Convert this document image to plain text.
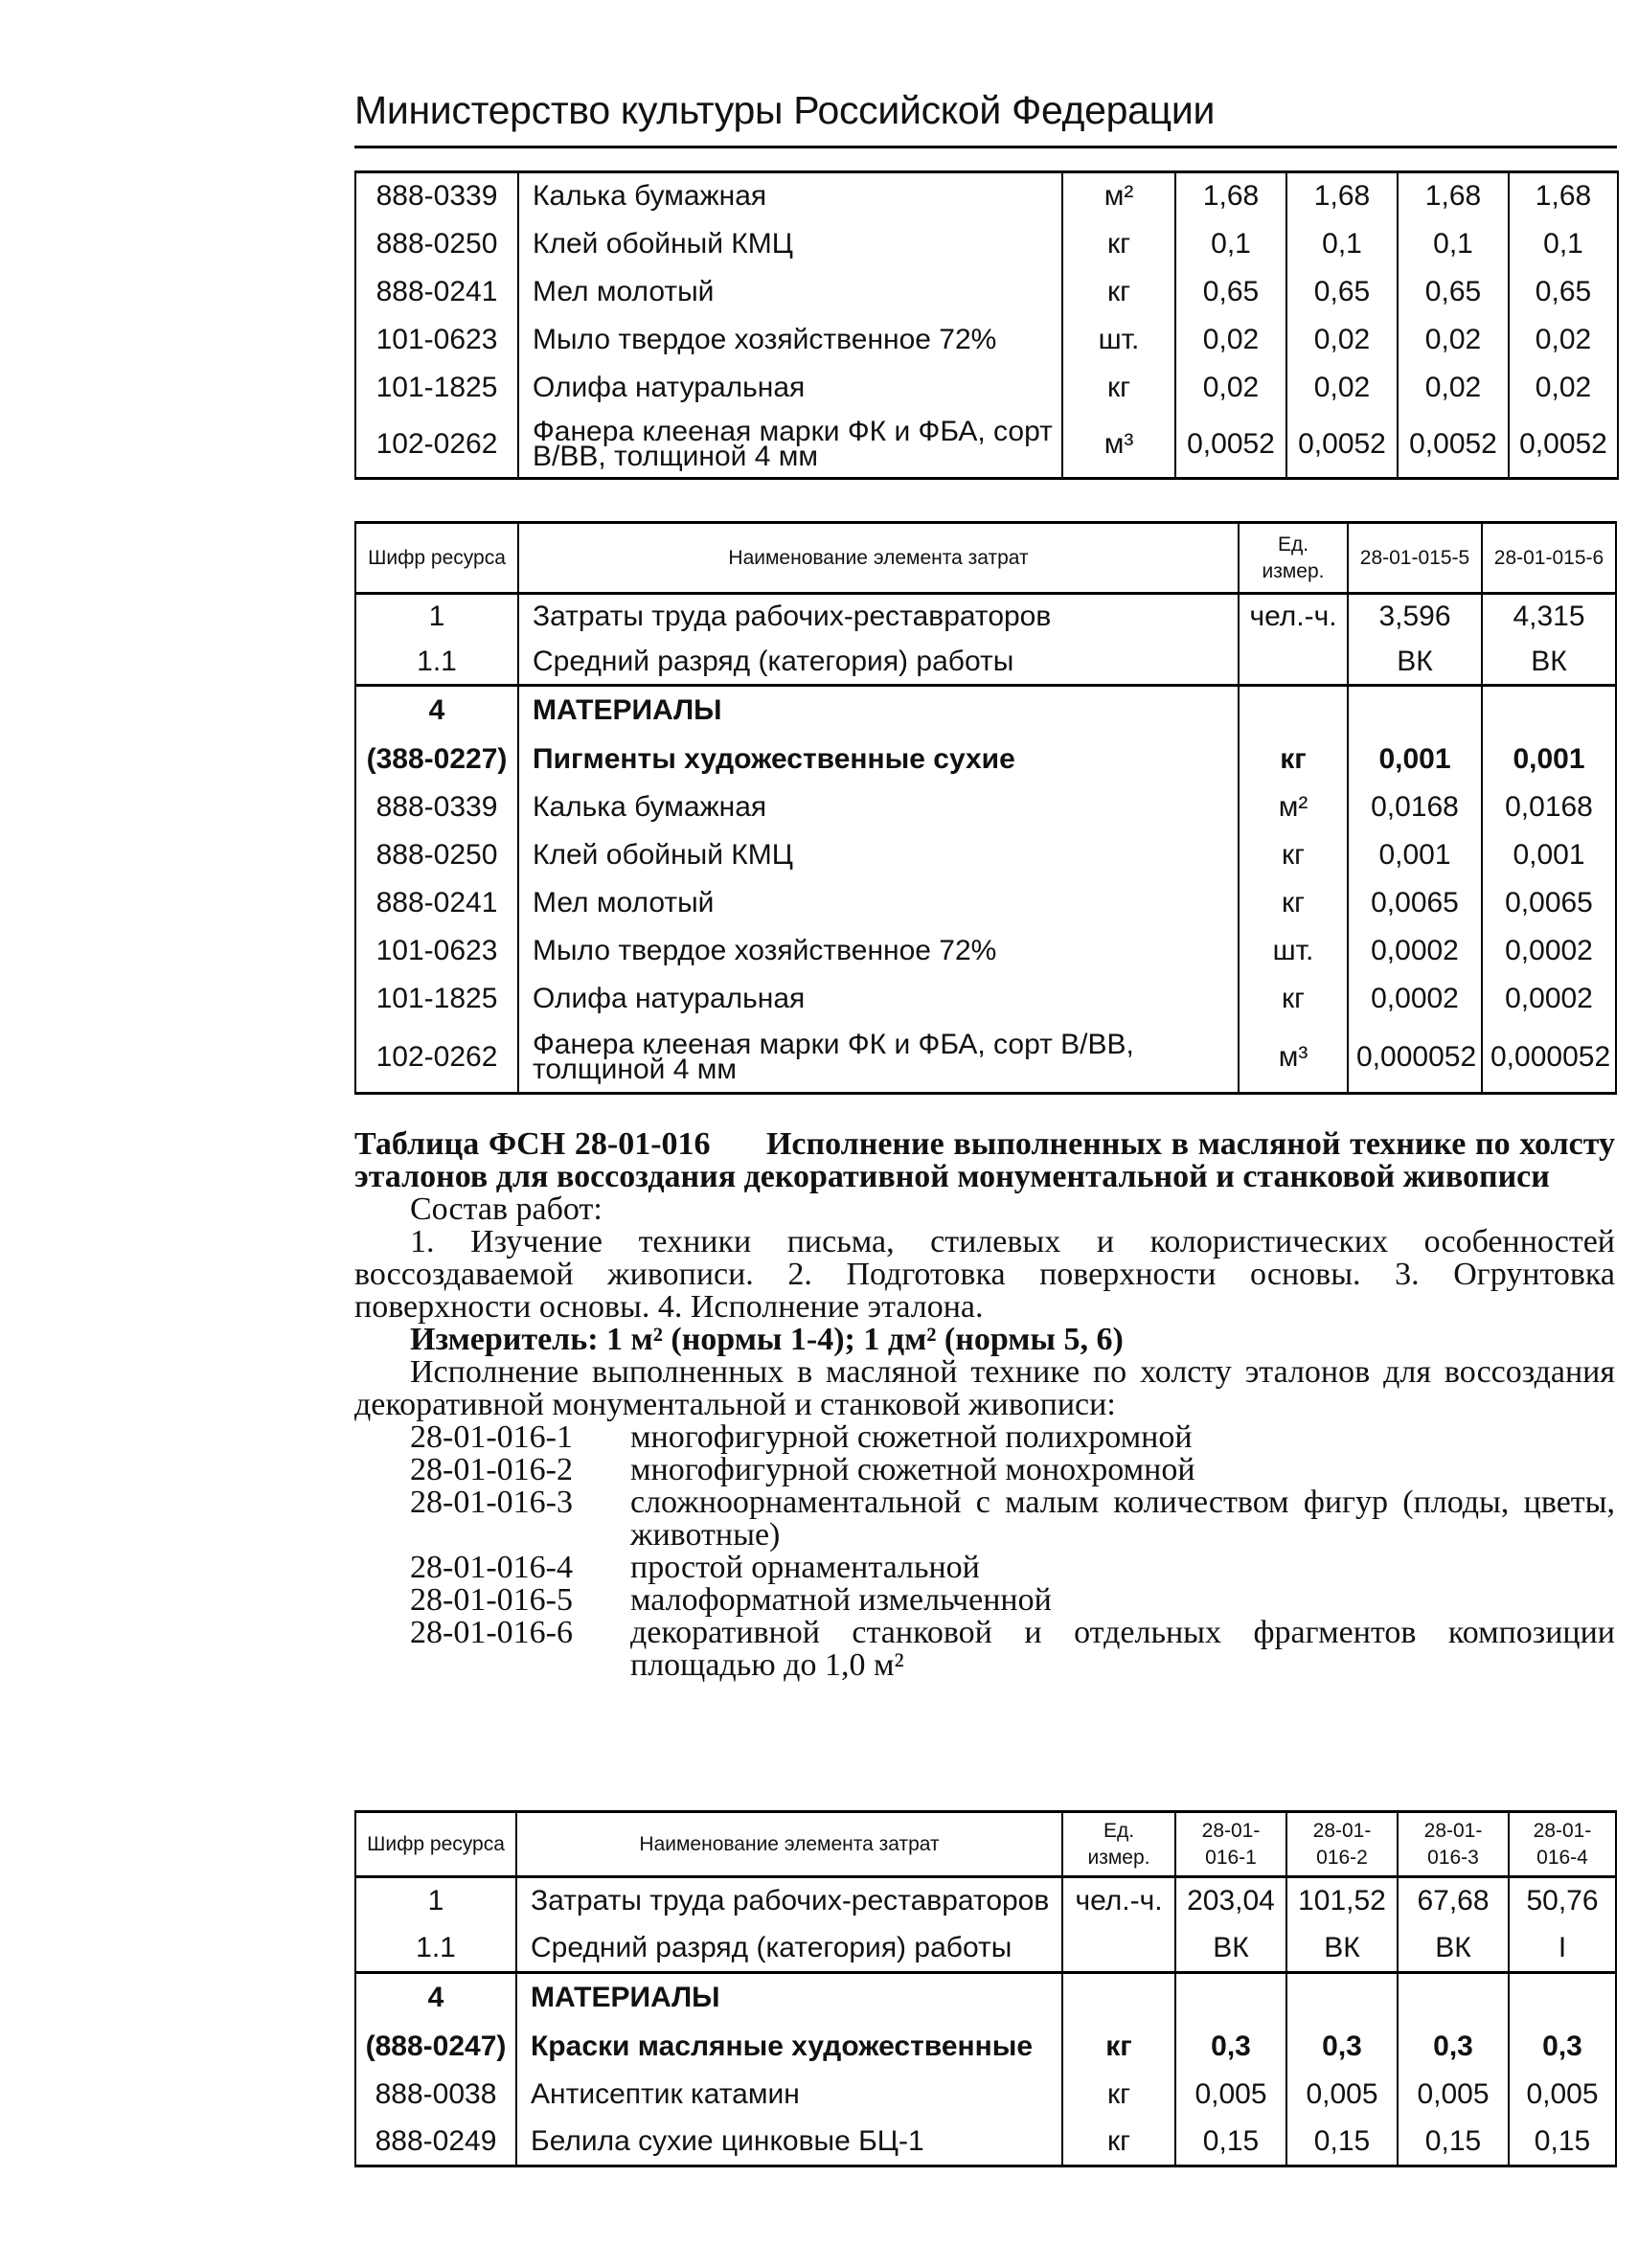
Министерство культуры Российской Федерации
888-0339	Калька бумажная	м²	1,68	1,68	1,68	1,68
888-0250	Клей обойный КМЦ	кг	0,1	0,1	0,1	0,1
888-0241	Мел молотый	кг	0,65	0,65	0,65	0,65
101-0623	Мыло твердое хозяйственное 72%	шт.	0,02	0,02	0,02	0,02
101-1825	Олифа натуральная	кг	0,02	0,02	0,02	0,02
102-0262	Фанера клееная марки ФК и ФБА, сорт В/ВВ, толщиной 4 мм	м³	0,0052	0,0052	0,0052	0,0052
Шифр ресурса	Наименование элемента затрат	Ед. измер.	28-01-015-5	28-01-015-6
1	Затраты труда рабочих-реставраторов	чел.-ч.	3,596	4,315
1.1	Средний разряд (категория) работы		ВК	ВК
4	МАТЕРИАЛЫ			
(388-0227)	Пигменты художественные сухие	кг	0,001	0,001
888-0339	Калька бумажная	м²	0,0168	0,0168
888-0250	Клей обойный КМЦ	кг	0,001	0,001
888-0241	Мел молотый	кг	0,0065	0,0065
101-0623	Мыло твердое хозяйственное 72%	шт.	0,0002	0,0002
101-1825	Олифа натуральная	кг	0,0002	0,0002
102-0262	Фанера клееная марки ФК и ФБА, сорт В/ВВ, толщиной 4 мм	м³	0,000052	0,000052
Таблица ФСН 28-01-016 Исполнение выполненных в масляной технике по холсту эталонов для воссоздания декоративной монументальной и станковой живописи
Состав работ:
1. Изучение техники письма, стилевых и колористических особенностей воссоздаваемой живописи. 2. Подготовка поверхности основы. 3. Огрунтовка поверхности основы. 4. Исполнение эталона.
Измеритель: 1 м² (нормы 1-4); 1 дм² (нормы 5, 6)
Исполнение выполненных в масляной технике по холсту эталонов для воссоздания декоративной монументальной и станковой живописи:
28-01-016-1	многофигурной сюжетной полихромной
28-01-016-2	многофигурной сюжетной монохромной
28-01-016-3	сложноорнаментальной с малым количеством фигур (плоды, цветы, животные)
28-01-016-4	простой орнаментальной
28-01-016-5	малоформатной измельченной
28-01-016-6	декоративной станковой и отдельных фрагментов композиции площадью до 1,0 м²
Шифр ресурса	Наименование элемента затрат	Ед. измер.	28-01-016-1	28-01-016-2	28-01-016-3	28-01-016-4
1	Затраты труда рабочих-реставраторов	чел.-ч.	203,04	101,52	67,68	50,76
1.1	Средний разряд (категория) работы		ВК	ВК	ВК	I
4	МАТЕРИАЛЫ					
(888-0247)	Краски масляные художественные	кг	0,3	0,3	0,3	0,3
888-0038	Антисептик катамин	кг	0,005	0,005	0,005	0,005
888-0249	Белила сухие цинковые БЦ-1	кг	0,15	0,15	0,15	0,15
